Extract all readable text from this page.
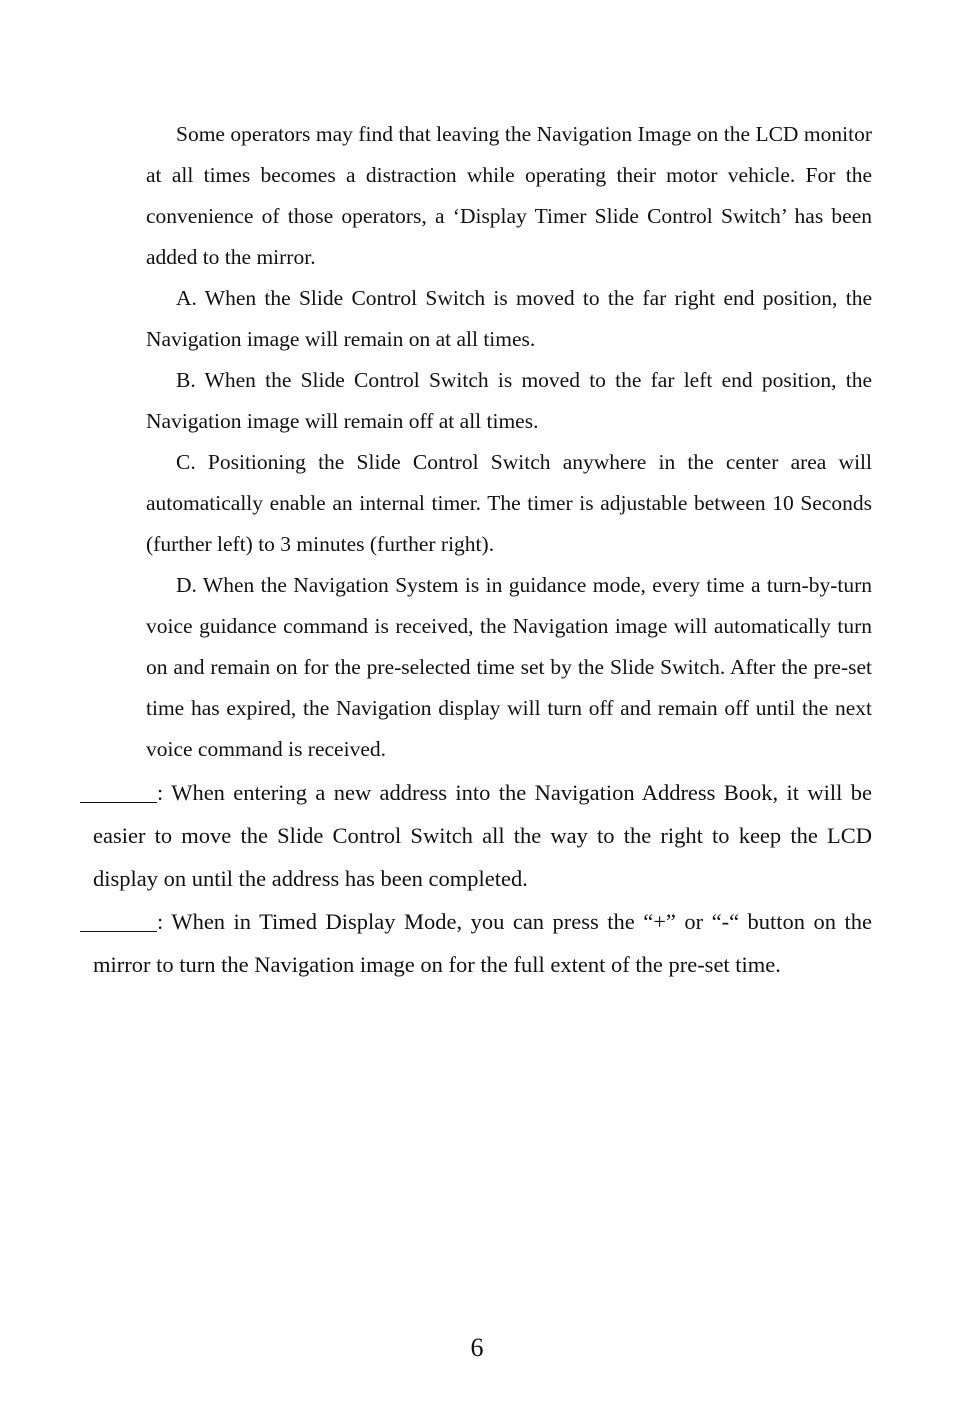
Some operators may find that leaving the Navigation Image on the LCD monitor at all times becomes a distraction while operating their motor vehicle. For the convenience of those operators, a ‘Display Timer Slide Control Switch’ has been added to the mirror.

A. When the Slide Control Switch is moved to the far right end position, the Navigation image will remain on at all times.

B. When the Slide Control Switch is moved to the far left end position, the Navigation image will remain off at all times.

C. Positioning the Slide Control Switch anywhere in the center area will automatically enable an internal timer. The timer is adjustable between 10 Seconds (further left) to 3 minutes (further right).

D. When the Navigation System is in guidance mode, every time a turn-by-turn voice guidance command is received, the Navigation image will automatically turn on and remain on for the pre-selected time set by the Slide Switch. After the pre-set time has expired, the Navigation display will turn off and remain off until the next voice command is received.

: When entering a new address into the Navigation Address Book, it will be easier to move the Slide Control Switch all the way to the right to keep the LCD display on until the address has been completed.

: When in Timed Display Mode, you can press the “+” or “-“ button on the mirror to turn the Navigation image on for the full extent of the pre-set time.

6
